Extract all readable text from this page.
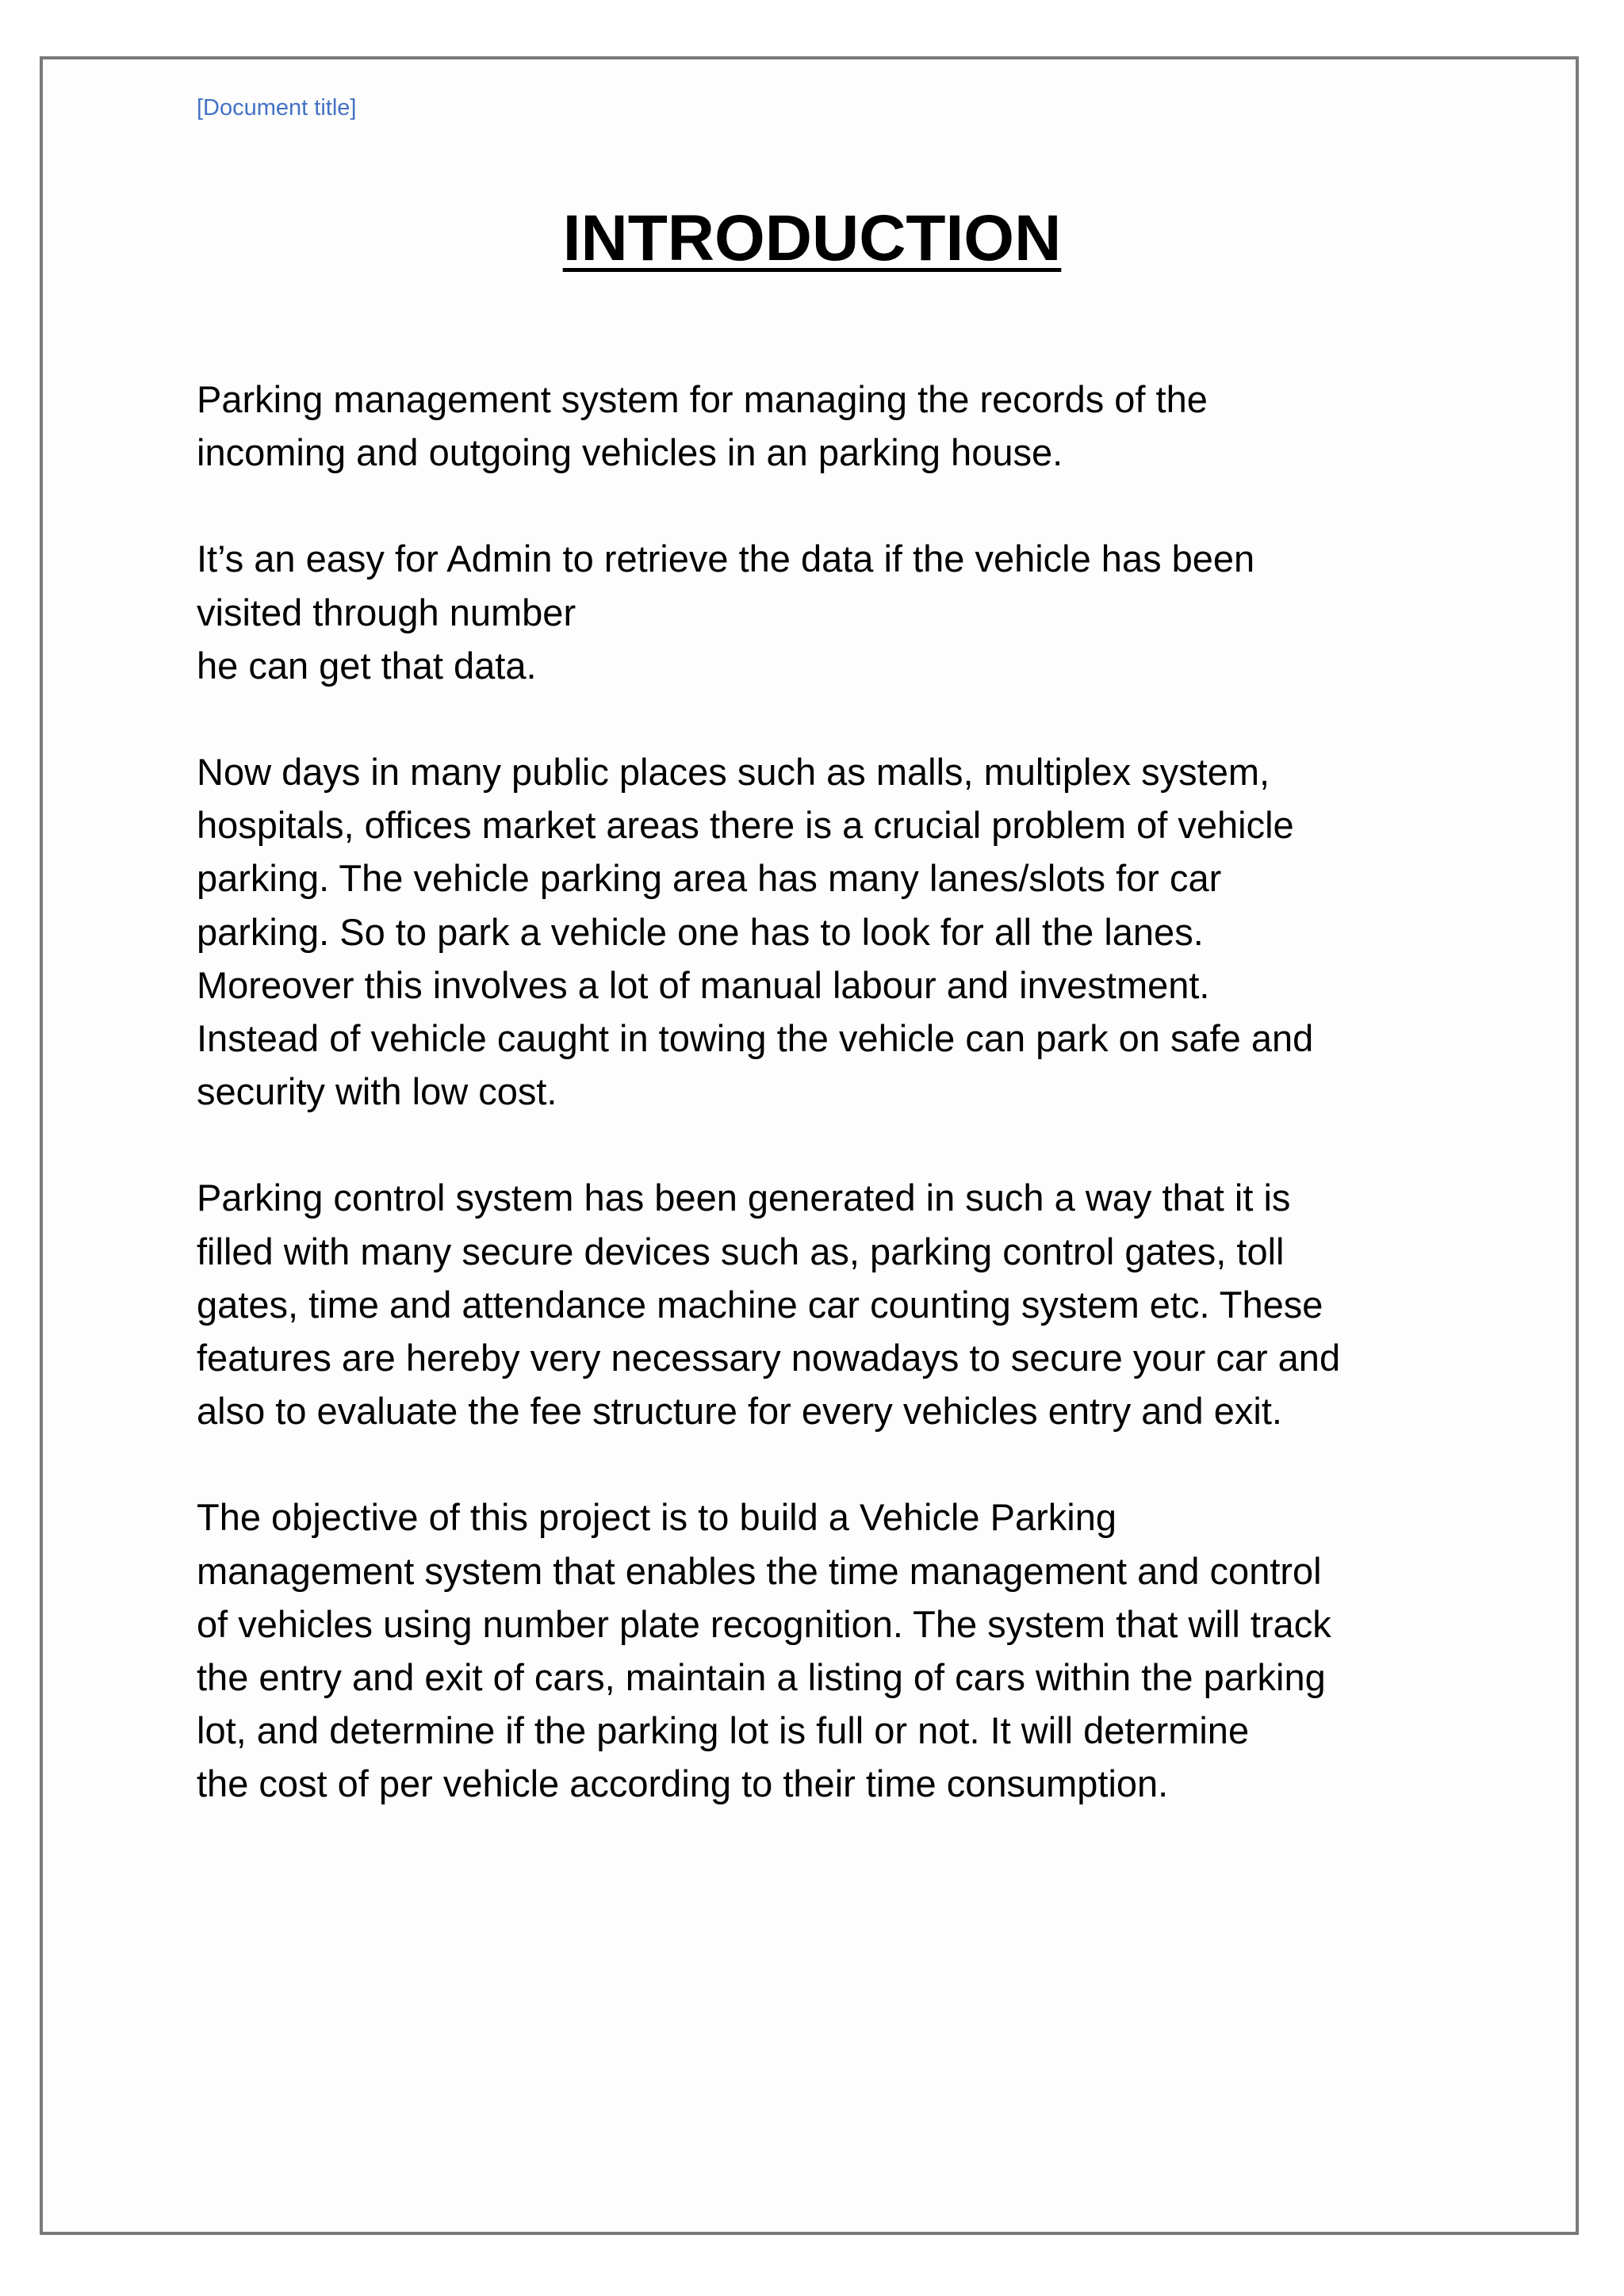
[Document title]
INTRODUCTION
Parking management system for managing the records of the
incoming and outgoing vehicles in an parking house.
It’s an easy for Admin to retrieve the data if the vehicle has been
visited through number
he can get that data.
Now days in many public places such as malls, multiplex system,
hospitals, offices market areas there is a crucial problem of vehicle
parking. The vehicle parking area has many lanes/slots for car
parking. So to park a vehicle one has to look for all the lanes.
Moreover this involves a lot of manual labour and investment.
Instead of vehicle caught in towing the vehicle can park on safe and
security with low cost.
Parking control system has been generated in such a way that it is
filled with many secure devices such as, parking control gates, toll
gates, time and attendance machine car counting system etc. These
features are hereby very necessary nowadays to secure your car and
also to evaluate the fee structure for every vehicles entry and exit.
The objective of this project is to build a Vehicle Parking
management system that enables the time management and control
of vehicles using number plate recognition. The system that will track
the entry and exit of cars, maintain a listing of cars within the parking
lot, and determine if the parking lot is full or not. It will determine
the cost of per vehicle according to their time consumption.
